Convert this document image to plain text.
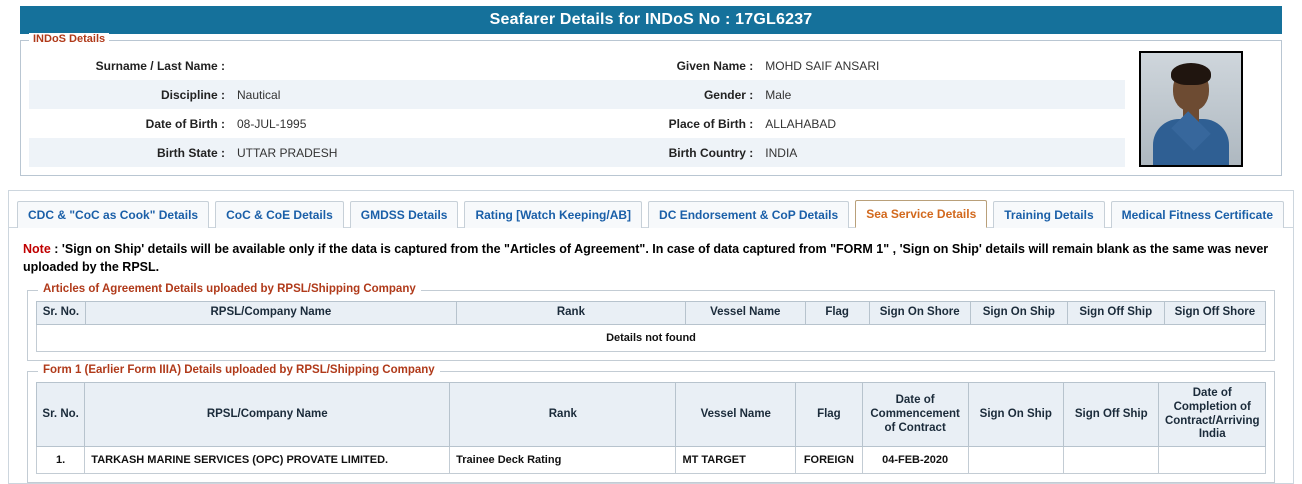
Seafarer Details for INDoS No : 17GL6237
INDoS Details
Surname / Last Name :		Given Name :	MOHD SAIF ANSARI
Discipline :	Nautical	Gender :	Male
Date of Birth :	08-JUL-1995	Place of Birth :	ALLAHABAD
Birth State :	UTTAR PRADESH	Birth Country :	INDIA
CDC & "CoC as Cook" Details	CoC & CoE Details	GMDSS Details	Rating [Watch Keeping/AB]	DC Endorsement & CoP Details	Sea Service Details	Training Details	Medical Fitness Certificate
Note : 'Sign on Ship' details will be available only if the data is captured from the "Articles of Agreement". In case of data captured from "FORM 1" , 'Sign on Ship' details will remain blank as the same was never uploaded by the RPSL.
Articles of Agreement Details uploaded by RPSL/Shipping Company
Sr. No.	RPSL/Company Name	Rank	Vessel Name	Flag	Sign On Shore	Sign On Ship	Sign Off Ship	Sign Off Shore
Details not found
Form 1 (Earlier Form IIIA) Details uploaded by RPSL/Shipping Company
Sr. No.	RPSL/Company Name	Rank	Vessel Name	Flag	Date of Commencement of Contract	Sign On Ship	Sign Off Ship	Date of Completion of Contract/Arriving India
1.	TARKASH MARINE SERVICES (OPC) PROVATE LIMITED.	Trainee Deck Rating	MT TARGET	FOREIGN	04-FEB-2020			
